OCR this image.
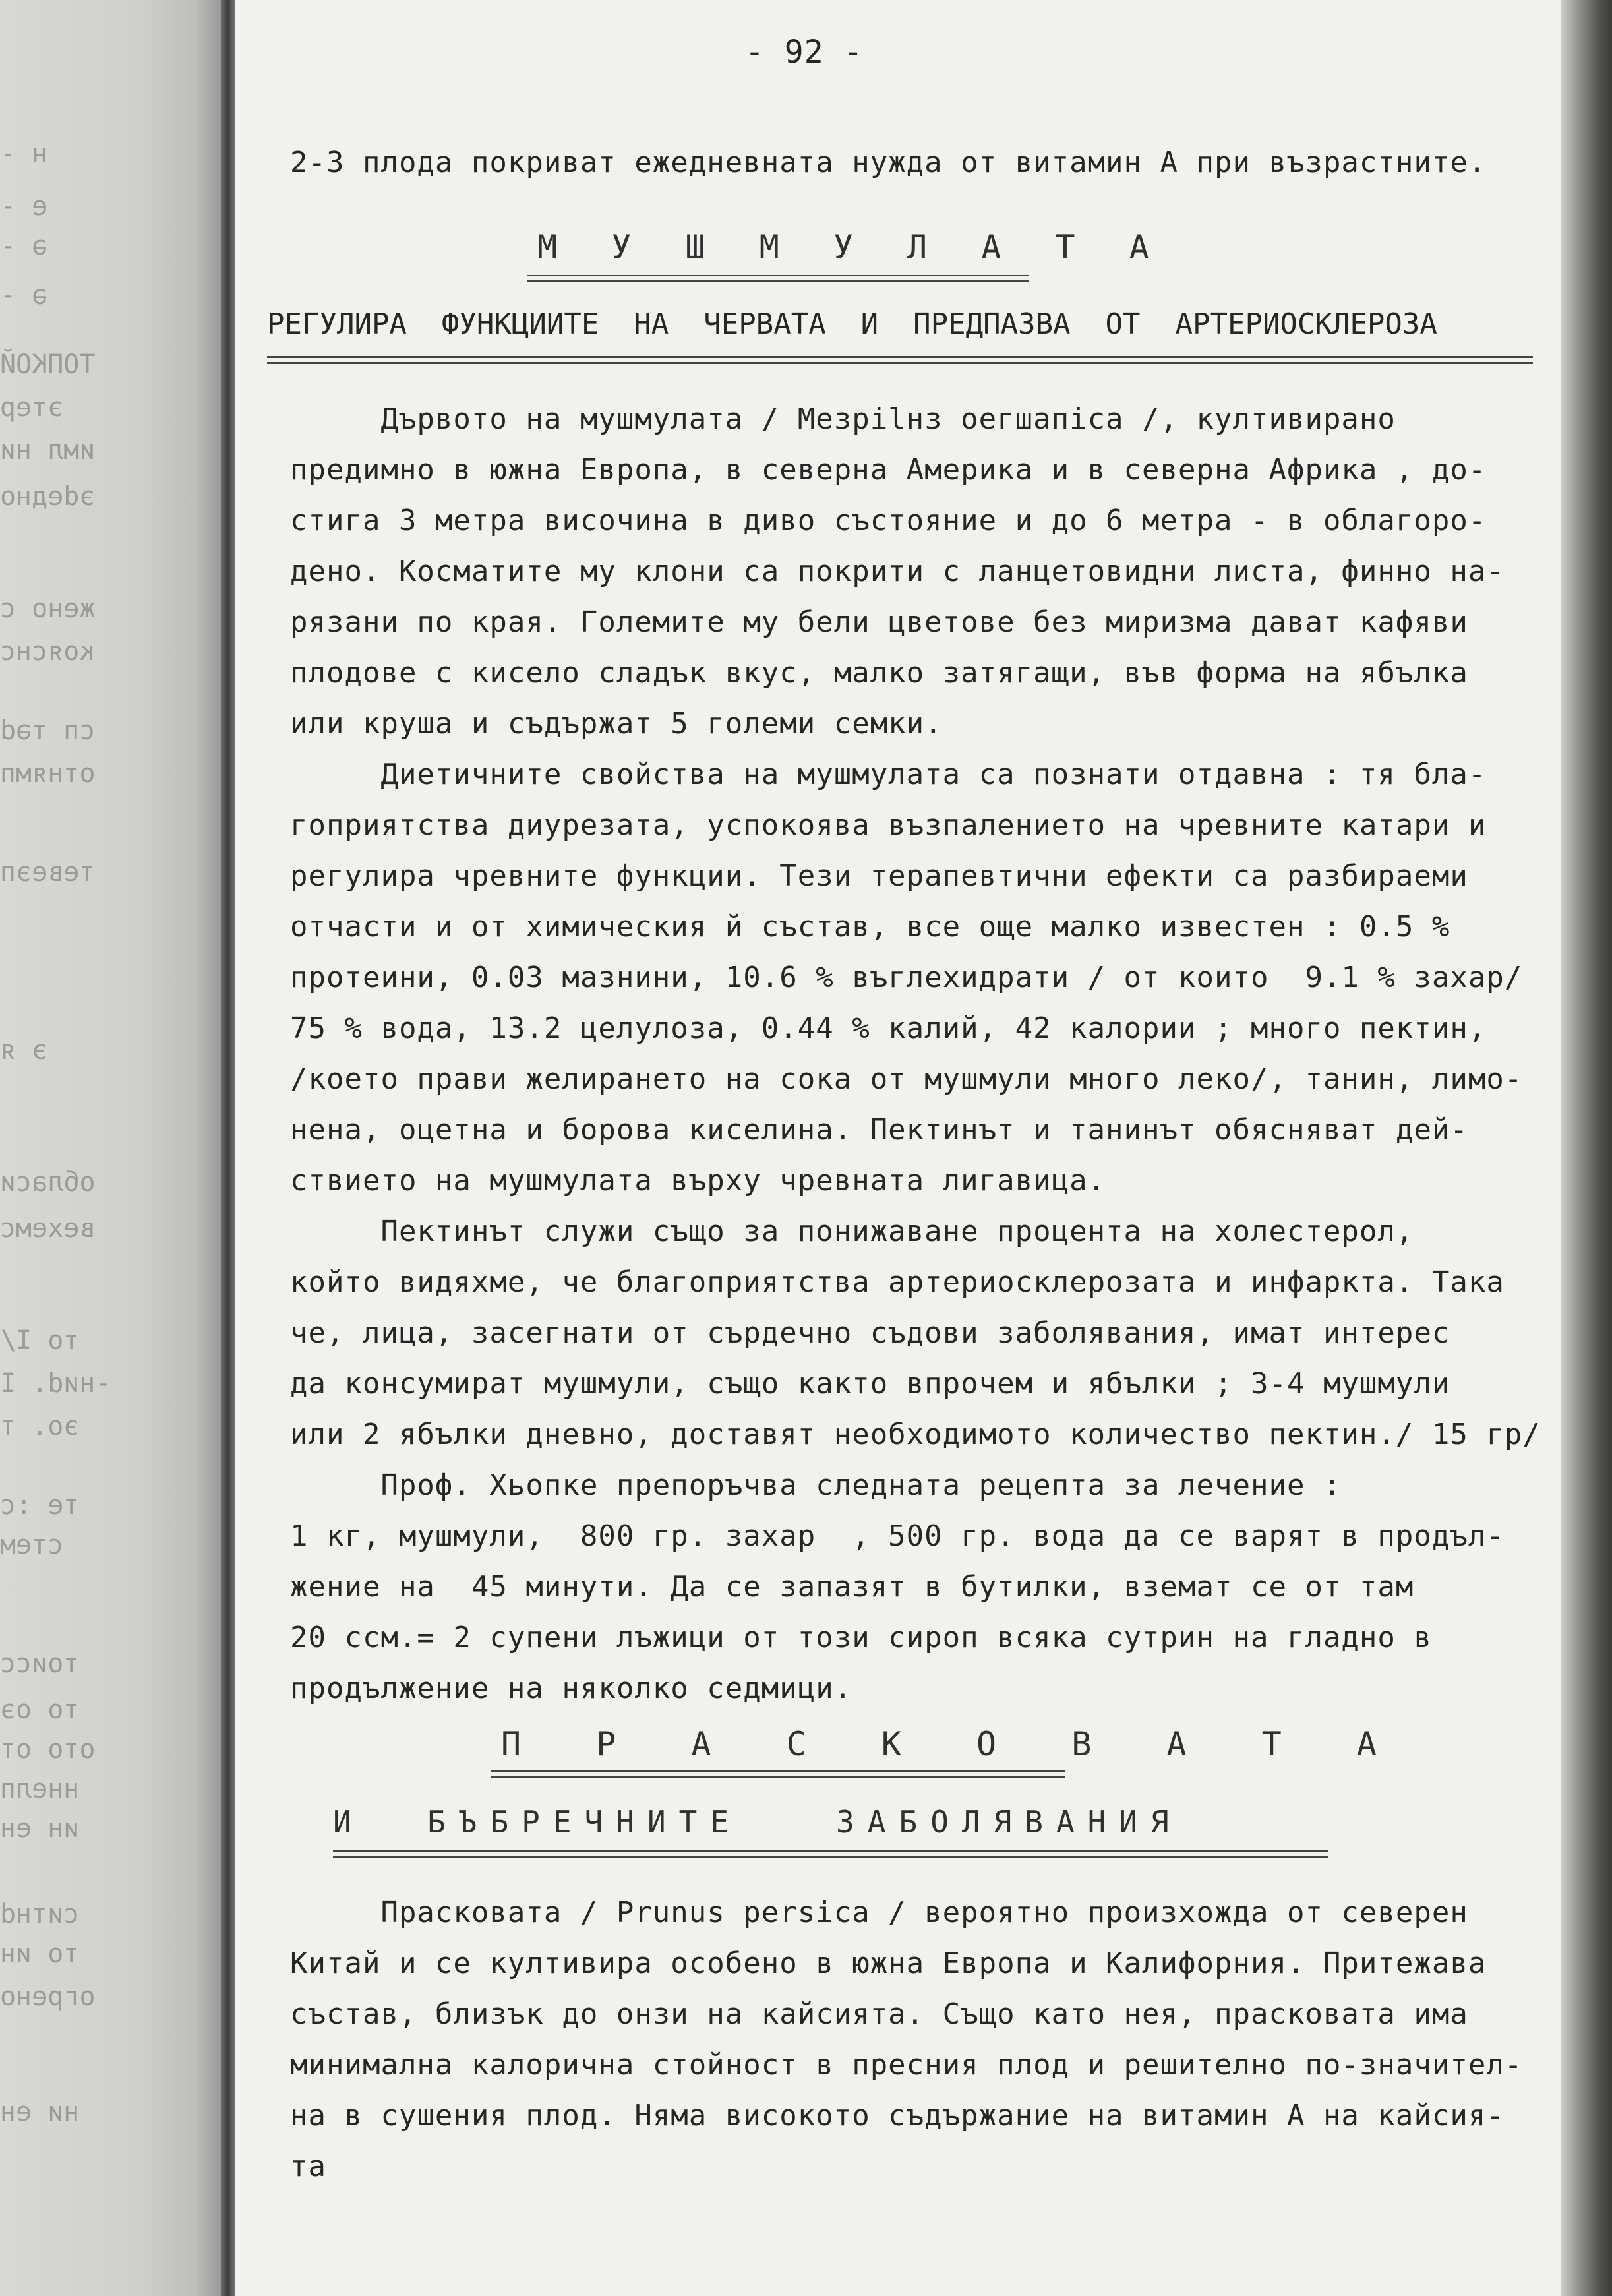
н -
е -
ə -
ə -
ТОПКОЙ
этер
имл ни
эdедно
жено с
кояснс
сп тəd
отнямп
тевеэп
э я
обласи
вехемс
то I/
-ниd. I
эо. т
те :с
стем
тоисс
то оэ
ото от
ннелп
ин ен
ситнd
то ин
огрено
ни ен
- 92 -
2-3 плода покриват ежедневната нужда от витамин А при възрастните.
М У Ш М У Л А Т А
РЕГУЛИРА  ФУНКЦИИТЕ  НА  ЧЕРВАТА  И  ПРЕДПАЗВА  ОТ  АРТЕРИОСКЛЕРОЗА
Дървото на мушмулата / Мезрilнз оегшапiса /, култивирано
предимно в южна Европа, в северна Америка и в северна Африка , до-
стига 3 метра височина в диво състояние и до 6 метра - в облагоро-
дено. Косматите му клони са покрити с ланцетовидни листа, финно на-
рязани по края. Големите му бели цветове без миризма дават кафяви
плодове с кисело сладък вкус, малко затягащи, във форма на ябълка
или круша и съдържат 5 големи семки.
Диетичните свойства на мушмулата са познати отдавна : тя бла-
гоприятства диурезата, успокоява възпалението на чревните катари и
регулира чревните функции. Тези терапевтични ефекти са разбираеми
отчасти и от химическия й състав, все още малко известен : 0.5 %
протеини, 0.03 мазнини, 10.6 % въглехидрати / от които  9.1 % захар/
75 % вода, 13.2 целулоза, 0.44 % калий, 42 калории ; много пектин,
/което прави желирането на сока от мушмули много леко/, танин, лимо-
нена, оцетна и борова киселина. Пектинът и танинът обясняват дей-
ствието на мушмулата върху чревната лигавица.
Пектинът служи също за понижаване процента на холестерол,
който видяхме, че благоприятства артериосклерозата и инфаркта. Така
че, лица, засегнати от сърдечно съдови заболявания, имат интерес
да консумират мушмули, също както впрочем и ябълки ; 3-4 мушмули
или 2 ябълки дневно, доставят необходимото количество пектин./ 15 гр/
Проф. Хьопке препоръчва следната рецепта за лечение :
1 кг, мушмули,  800 гр. захар  , 500 гр. вода да се варят в продъл-
жение на  45 минути. Да се запазят в бутилки, вземат се от там
20 ccм.= 2 супени лъжици от този сироп всяка сутрин на гладно в
продължение на няколко седмици.
П Р А С К О В А Т А
И  БЪБРЕЧНИТЕ   ЗАБОЛЯВАНИЯ
Праскoвата / Prunus persica / вероятно произхожда от северен
Китай и се култивира особено в южна Европа и Калифорния. Притежава
състав, близък до онзи на кайсията. Също като нея, праскoвата има
минимална калорична стойност в пресния плод и решително по-значител-
на в сушения плод. Няма високото съдържание на витамин А на кайсия-
та
